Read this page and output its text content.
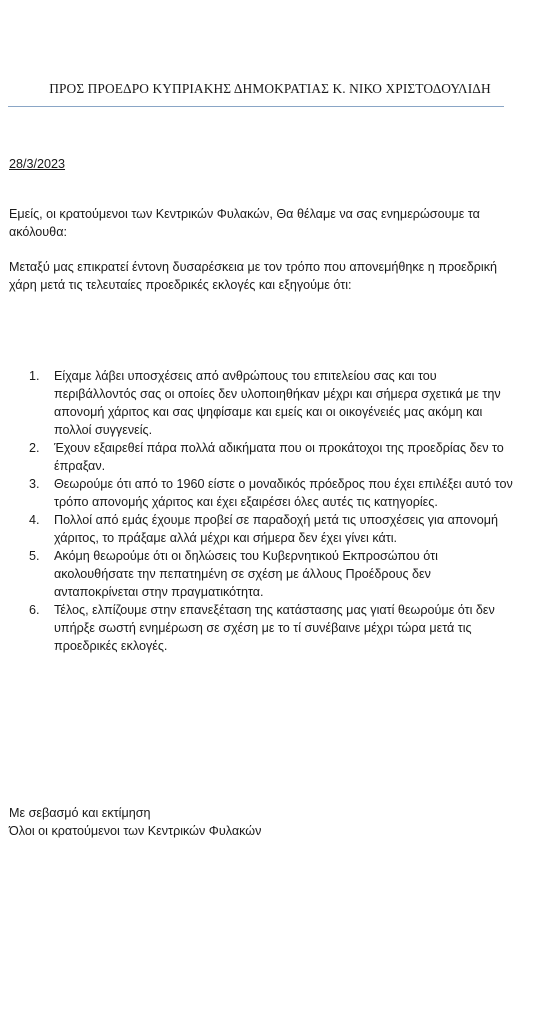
ΠΡΟΣ ΠΡΟΕΔΡΟ ΚΥΠΡΙΑΚΗΣ ΔΗΜΟΚΡΑΤΙΑΣ Κ. ΝΙΚΟ ΧΡΙΣΤΟΔΟΥΛΙΔΗ
28/3/2023
Εμείς, οι κρατούμενοι των Κεντρικών Φυλακών, Θα θέλαμε να σας ενημερώσουμε τα ακόλουθα:
Μεταξύ μας επικρατεί έντονη δυσαρέσκεια με τον τρόπο που απονεμήθηκε η προεδρική χάρη μετά τις τελευταίες προεδρικές εκλογές και εξηγούμε ότι:
1. Είχαμε λάβει υποσχέσεις από ανθρώπους του επιτελείου σας και του περιβάλλοντός σας οι οποίες δεν υλοποιηθήκαν μέχρι και σήμερα σχετικά με την απονομή χάριτος και σας ψηφίσαμε και εμείς και οι οικογένειές μας ακόμη και πολλοί συγγενείς.
2. Έχουν εξαιρεθεί πάρα πολλά αδικήματα που οι προκάτοχοι της προεδρίας δεν το έπραξαν.
3. Θεωρούμε ότι από το 1960 είστε ο μοναδικός πρόεδρος που έχει επιλέξει αυτό τον τρόπο απονομής χάριτος και έχει εξαιρέσει όλες αυτές τις κατηγορίες.
4. Πολλοί από εμάς έχουμε προβεί σε παραδοχή μετά τις υποσχέσεις για απονομή χάριτος, το πράξαμε αλλά μέχρι και σήμερα δεν έχει γίνει κάτι.
5. Ακόμη θεωρούμε ότι οι δηλώσεις του Κυβερνητικού Εκπροσώπου ότι ακολουθήσατε την πεπατημένη σε σχέση με άλλους Προέδρους δεν ανταποκρίνεται στην πραγματικότητα.
6. Τέλος, ελπίζουμε στην επανεξέταση της κατάστασης μας γιατί θεωρούμε ότι δεν υπήρξε σωστή ενημέρωση σε σχέση με το τί συνέβαινε μέχρι τώρα μετά τις προεδρικές εκλογές.
Με σεβασμό και εκτίμηση
Όλοι οι κρατούμενοι των Κεντρικών Φυλακών
